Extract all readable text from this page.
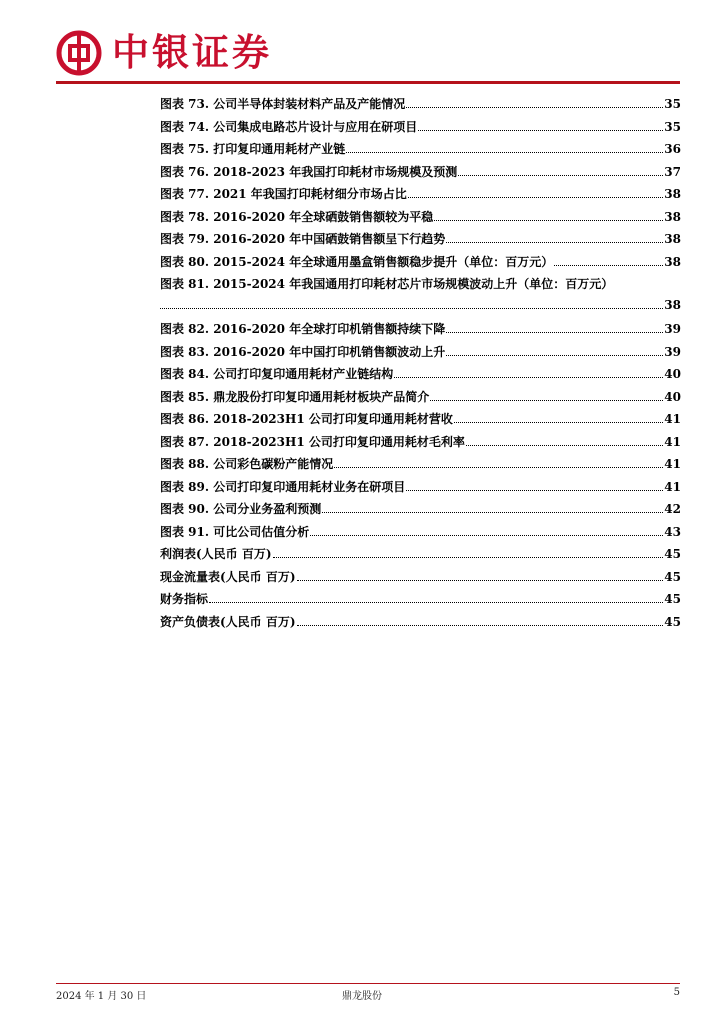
中银证券
图表 73. 公司半导体封装材料产品及产能情况	35
图表 74. 公司集成电路芯片设计与应用在研项目	35
图表 75. 打印复印通用耗材产业链	36
图表 76. 2018-2023 年我国打印耗材市场规模及预测	37
图表 77. 2021 年我国打印耗材细分市场占比	38
图表 78. 2016-2020 年全球硒鼓销售额较为平稳	38
图表 79. 2016-2020 年中国硒鼓销售额呈下行趋势	38
图表 80. 2015-2024 年全球通用墨盒销售额稳步提升（单位：百万元）	38
图表 81. 2015-2024 年我国通用打印耗材芯片市场规模波动上升（单位：百万元）
38
图表 82. 2016-2020 年全球打印机销售额持续下降	39
图表 83. 2016-2020 年中国打印机销售额波动上升	39
图表 84. 公司打印复印通用耗材产业链结构	40
图表 85. 鼎龙股份打印复印通用耗材板块产品简介	40
图表 86. 2018-2023H1 公司打印复印通用耗材营收	41
图表 87. 2018-2023H1 公司打印复印通用耗材毛利率	41
图表 88. 公司彩色碳粉产能情况	41
图表 89. 公司打印复印通用耗材业务在研项目	41
图表 90. 公司分业务盈利预测	42
图表 91. 可比公司估值分析	43
利润表(人民币 百万)	45
现金流量表(人民币 百万)	45
财务指标	45
资产负债表(人民币 百万)	45
2024 年 1 月 30 日	鼎龙股份	5
